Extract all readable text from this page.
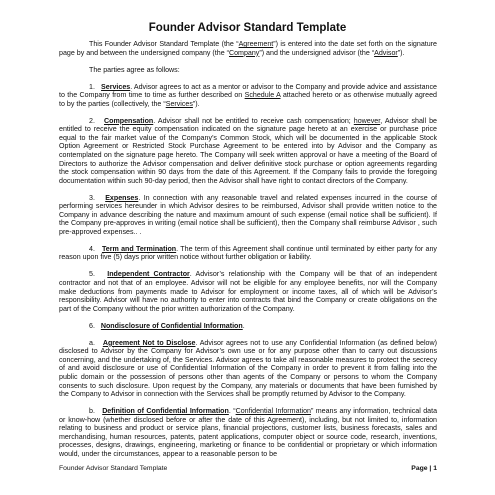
Founder Advisor Standard Template

This Founder Advisor Standard Template (the “Agreement”) is entered into the date set forth on the signature page by and between the undersigned company (the “Company”) and the undersigned advisor (the “Advisor”).

The parties agree as follows:

1. Services. Advisor agrees to act as a mentor or advisor to the Company and provide advice and assistance to the Company from time to time as further described on Schedule A attached hereto or as otherwise mutually agreed to by the parties (collectively, the “Services”).

2. Compensation. Advisor shall not be entitled to receive cash compensation; however, Advisor shall be entitled to receive the equity compensation indicated on the signature page hereto at an exercise or purchase price equal to the fair market value of the Company’s Common Stock, which will be documented in the applicable Stock Option Agreement or Restricted Stock Purchase Agreement to be entered into by Advisor and the Company as contemplated on the signature page hereto. The Company will seek written approval or have a meeting of the Board of Directors to authorize the Advisor compensation and deliver definitive stock purchase or option agreements regarding the stock compensation within 90 days from the date of this Agreement. If the Company fails to provide the foregoing documentation within such 90-day period, then the Advisor shall have right to contact directors of the Company.

3. Expenses. In connection with any reasonable travel and related expenses incurred in the course of performing services hereunder in which Advisor desires to be reimbursed, Advisor shall provide written notice to the Company in advance describing the nature and maximum amount of such expense (email notice shall be sufficient). If the Company pre-approves in writing (email notice shall be sufficient), then the Company shall reimburse Advisor , such pre-approved expenses.. .

4. Term and Termination. The term of this Agreement shall continue until terminated by either party for any reason upon five (5) days prior written notice without further obligation or liability.

5. Independent Contractor. Advisor’s relationship with the Company will be that of an independent contractor and not that of an employee. Advisor will not be eligible for any employee benefits, nor will the Company make deductions from payments made to Advisor for employment or income taxes, all of which will be Advisor’s responsibility. Advisor will have no authority to enter into contracts that bind the Company or create obligations on the part of the Company without the prior written authorization of the Company.

6. Nondisclosure of Confidential Information.

a. Agreement Not to Disclose. Advisor agrees not to use any Confidential Information (as defined below) disclosed to Advisor by the Company for Advisor’s own use or for any purpose other than to carry out discussions concerning, and the undertaking of, the Services. Advisor agrees to take all reasonable measures to protect the secrecy of and avoid disclosure or use of Confidential Information of the Company in order to prevent it from falling into the public domain or the possession of persons other than agents of the Company or persons to whom the Company consents to such disclosure. Upon request by the Company, any materials or documents that have been furnished by the Company to Advisor in connection with the Services shall be promptly returned by Advisor to the Company.

b. Definition of Confidential Information. “Confidential Information” means any information, technical data or know-how (whether disclosed before or after the date of this Agreement), including, but not limited to, information relating to business and product or service plans, financial projections, customer lists, business forecasts, sales and merchandising, human resources, patents, patent applications, computer object or source code, research, inventions, processes, designs, drawings, engineering, marketing or finance to be confidential or proprietary or which information would, under the circumstances, appear to a reasonable person to be

Founder Advisor Standard Template	Page | 1
